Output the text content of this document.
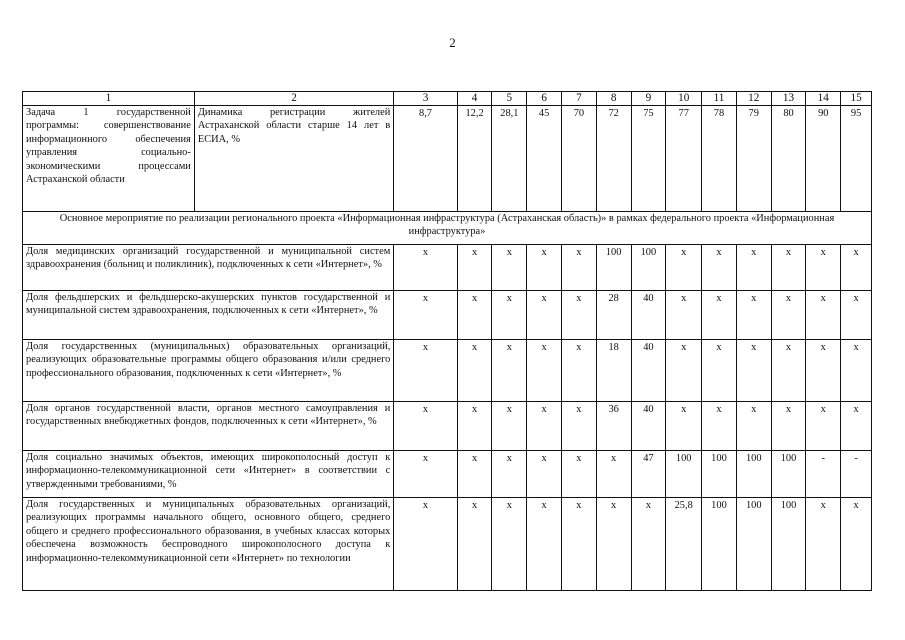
2
1	2	3	4	5	6	7	8	9	10	11	12	13	14	15
Задача 1 государственной программы: совершенствование информационного обеспечения управления социально-экономическими процессами Астраханской области	Динамика регистрации жителей Астраханской области старше 14 лет в ЕСИА, %	8,7	12,2	28,1	45	70	72	75	77	78	79	80	90	95

Основное мероприятие по реализации регионального проекта «Информационная инфраструктура (Астраханская область)» в рамках федерального проекта «Информационная инфраструктура»														
Доля медицинских организаций государственной и муниципальной систем здравоохранения (больниц и поликлиник), подключенных к сети «Интернет», %		x	x	x	x	x	100	100	x	x	x	x	x	x

Доля фельдшерских и фельдшерско-акушерских пунктов государственной и муниципальной систем здравоохранения, подключенных к сети «Интернет», %		x	x	x	x	x	28	40	x	x	x	x	x	x

Доля государственных (муниципальных) образовательных организаций, реализующих образовательные программы общего образования и/или среднего профессионального образования, подключенных к сети «Интернет», %		x	x	x	x	x	18	40	x	x	x	x	x	x

Доля органов государственной власти, органов местного самоуправления и государственных внебюджетных фондов, подключенных к сети «Интернет», %		x	x	x	x	x	36	40	x	x	x	x	x	x

Доля социально значимых объектов, имеющих широкополосный доступ к информационно-телекоммуникационной сети «Интернет» в соответствии с утвержденными требованиями, %		x	x	x	x	x	x	47	100	100	100	100	-	-

Доля государственных и муниципальных образовательных организаций, реализующих программы начального общего, основного общего, среднего общего и среднего профессионального образования, в учебных классах которых обеспечена возможность беспроводного широкополосного доступа к информационно-телекоммуникационной сети «Интернет» по технологии		x	x	x	x	x	x	x	25,8	100	100	100	x	x
